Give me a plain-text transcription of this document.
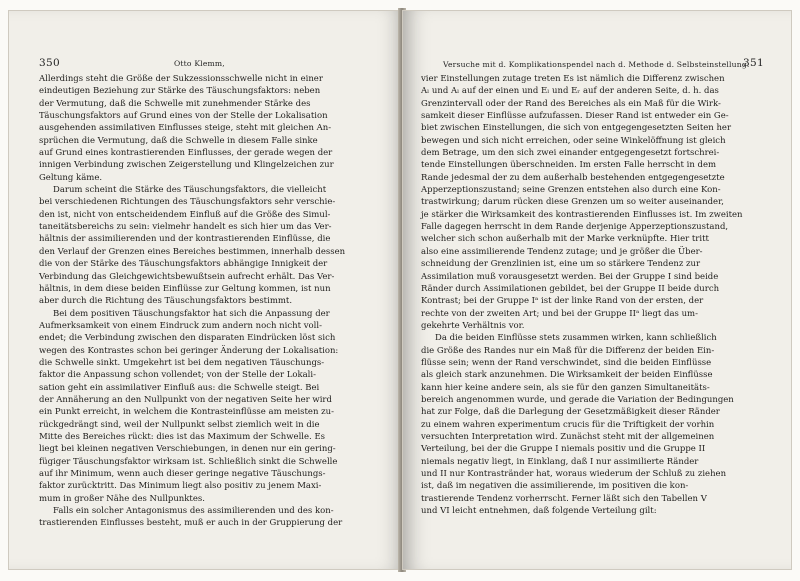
350	Otto Klemm,
Allerdings steht die Größe der Sukzessionsschwelle nicht in einer
eindeutigen Beziehung zur Stärke des Täuschungsfaktors: neben
der Vermutung, daß die Schwelle mit zunehmender Stärke des
Täuschungsfaktors auf Grund eines von der Stelle der Lokalisation
ausgehenden assimilativen Einflusses steige, steht mit gleichen An-
sprüchen die Vermutung, daß die Schwelle in diesem Falle sinke
auf Grund eines kontrastierenden Einflusses, der gerade wegen der
innigen Verbindung zwischen Zeigerstellung und Klingelzeichen zur
Geltung käme.
Darum scheint die Stärke des Täuschungsfaktors, die vielleicht
bei verschiedenen Richtungen des Täuschungsfaktors sehr verschie-
den ist, nicht von entscheidendem Einfluß auf die Größe des Simul-
taneitätsbereichs zu sein: vielmehr handelt es sich hier um das Ver-
hältnis der assimilierenden und der kontrastierenden Einflüsse, die
den Verlauf der Grenzen eines Bereiches bestimmen, innerhalb dessen
die von der Stärke des Täuschungsfaktors abhängige Innigkeit der
Verbindung das Gleichgewichtsbewußtsein aufrecht erhält. Das Ver-
hältnis, in dem diese beiden Einflüsse zur Geltung kommen, ist nun
aber durch die Richtung des Täuschungsfaktors bestimmt.
Bei dem positiven Täuschungsfaktor hat sich die Anpassung der
Aufmerksamkeit von einem Eindruck zum andern noch nicht voll-
endet; die Verbindung zwischen den disparaten Eindrücken löst sich
wegen des Kontrastes schon bei geringer Änderung der Lokalisation:
die Schwelle sinkt. Umgekehrt ist bei dem negativen Täuschungs-
faktor die Anpassung schon vollendet; von der Stelle der Lokali-
sation geht ein assimilativer Einfluß aus: die Schwelle steigt. Bei
der Annäherung an den Nullpunkt von der negativen Seite her wird
ein Punkt erreicht, in welchem die Kontrasteinflüsse am meisten zu-
rückgedrängt sind, weil der Nullpunkt selbst ziemlich weit in die
Mitte des Bereiches rückt: dies ist das Maximum der Schwelle. Es
liegt bei kleinen negativen Verschiebungen, in denen nur ein gering-
fügiger Täuschungsfaktor wirksam ist. Schließlich sinkt die Schwelle
auf ihr Minimum, wenn auch dieser geringe negative Täuschungs-
faktor zurücktritt. Das Minimum liegt also positiv zu jenem Maxi-
mum in großer Nähe des Nullpunktes.
Falls ein solcher Antagonismus des assimilierenden und des kon-
trastierenden Einflusses besteht, muß er auch in der Gruppierung der
Versuche mit d. Komplikationspendel nach d. Methode d. Selbsteinstellung.
351
vier Einstellungen zutage treten Es ist nämlich die Differenz zwischen
Aₗ und Aₗ auf der einen und Eₗ und Eᵣ auf der anderen Seite, d. h. das
Grenzintervall oder der Rand des Bereiches als ein Maß für die Wirk-
samkeit dieser Einflüsse aufzufassen. Dieser Rand ist entweder ein Ge-
biet zwischen Einstellungen, die sich von entgegengesetzten Seiten her
bewegen und sich nicht erreichen, oder seine Winkelöffnung ist gleich
dem Betrage, um den sich zwei einander entgegengesetzt fortschrei-
tende Einstellungen überschneiden. Im ersten Falle herrscht in dem
Rande jedesmal der zu dem außerhalb bestehenden entgegengesetzte
Apperzeptionszustand; seine Grenzen entstehen also durch eine Kon-
trastwirkung; darum rücken diese Grenzen um so weiter auseinander,
je stärker die Wirksamkeit des kontrastierenden Einflusses ist. Im zweiten
Falle dagegen herrscht in dem Rande derjenige Apperzeptionszustand,
welcher sich schon außerhalb mit der Marke verknüpfte. Hier tritt
also eine assimilierende Tendenz zutage; und je größer die Über-
schneidung der Grenzlinien ist, eine um so stärkere Tendenz zur
Assimilation muß vorausgesetzt werden. Bei der Gruppe I sind beide
Ränder durch Assimilationen gebildet, bei der Gruppe II beide durch
Kontrast; bei der Gruppe Iᵃ ist der linke Rand von der ersten, der
rechte von der zweiten Art; und bei der Gruppe IIᵃ liegt das um-
gekehrte Verhältnis vor.
Da die beiden Einflüsse stets zusammen wirken, kann schließlich
die Größe des Randes nur ein Maß für die Differenz der beiden Ein-
flüsse sein; wenn der Rand verschwindet, sind die beiden Einflüsse
als gleich stark anzunehmen. Die Wirksamkeit der beiden Einflüsse
kann hier keine andere sein, als sie für den ganzen Simultaneitäts-
bereich angenommen wurde, und gerade die Variation der Bedingungen
hat zur Folge, daß die Darlegung der Gesetzmäßigkeit dieser Ränder
zu einem wahren experimentum crucis für die Triftigkeit der vorhin
versuchten Interpretation wird. Zunächst steht mit der allgemeinen
Verteilung, bei der die Gruppe I niemals positiv und die Gruppe II
niemals negativ liegt, in Einklang, daß I nur assimilierte Ränder
und II nur Kontrastränder hat, woraus wiederum der Schluß zu ziehen
ist, daß im negativen die assimilierende, im positiven die kon-
trastierende Tendenz vorherrscht. Ferner läßt sich den Tabellen V
und VI leicht entnehmen, daß folgende Verteilung gilt:
